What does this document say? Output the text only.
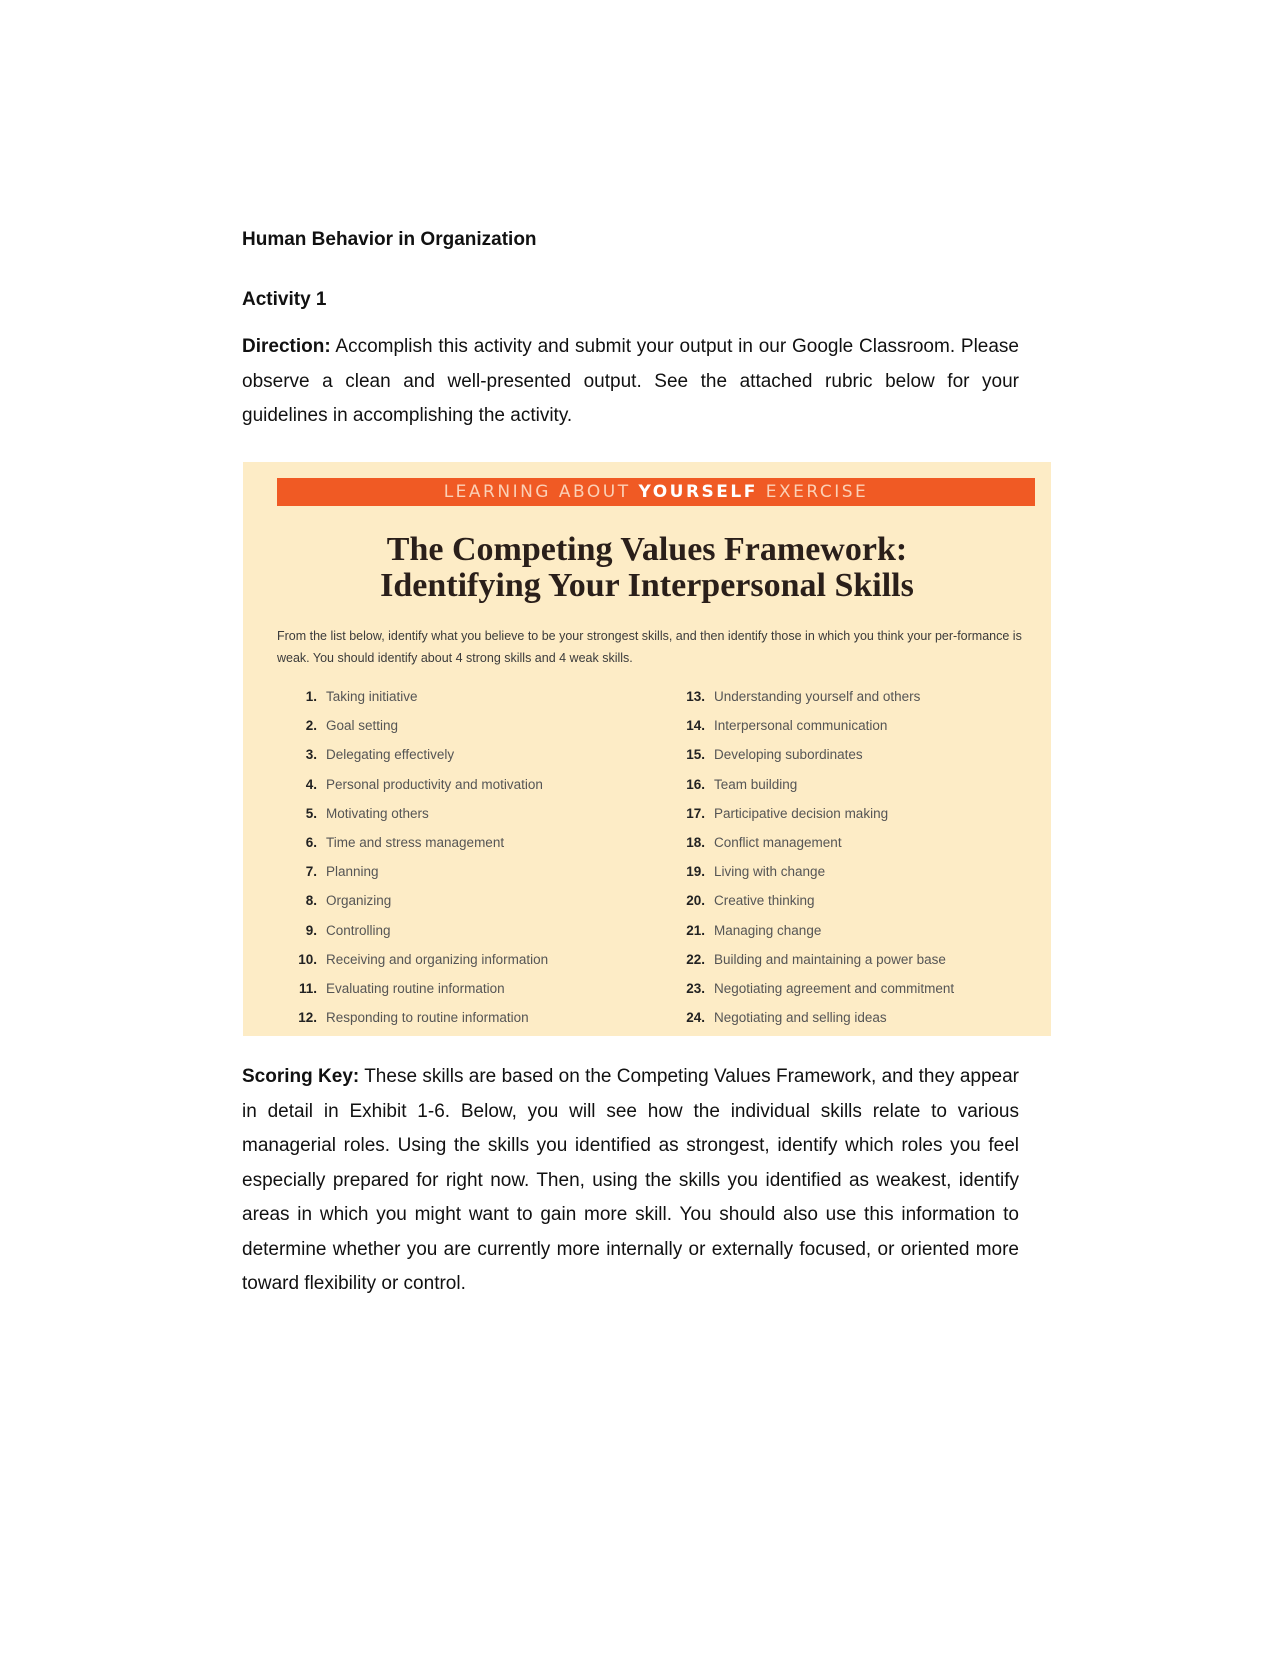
Human Behavior in Organization
Activity 1

Direction: Accomplish this activity and submit your output in our Google Classroom. Please observe a clean and well-presented output. See the attached rubric below for your guidelines in accomplishing the activity.

LEARNING ABOUT YOURSELF EXERCISE
The Competing Values Framework:
Identifying Your Interpersonal Skills

From the list below, identify what you believe to be your strongest skills, and then identify those in which you think your per-formance is weak. You should identify about 4 strong skills and 4 weak skills.

1. Taking initiative
2. Goal setting
3. Delegating effectively
4. Personal productivity and motivation
5. Motivating others
6. Time and stress management
7. Planning
8. Organizing
9. Controlling
10. Receiving and organizing information
11. Evaluating routine information
12. Responding to routine information
13. Understanding yourself and others
14. Interpersonal communication
15. Developing subordinates
16. Team building
17. Participative decision making
18. Conflict management
19. Living with change
20. Creative thinking
21. Managing change
22. Building and maintaining a power base
23. Negotiating agreement and commitment
24. Negotiating and selling ideas

Scoring Key: These skills are based on the Competing Values Framework, and they appear in detail in Exhibit 1-6. Below, you will see how the individual skills relate to various managerial roles. Using the skills you identified as strongest, identify which roles you feel especially prepared for right now. Then, using the skills you identified as weakest, identify areas in which you might want to gain more skill. You should also use this information to determine whether you are currently more internally or externally focused, or oriented more toward flexibility or control.
